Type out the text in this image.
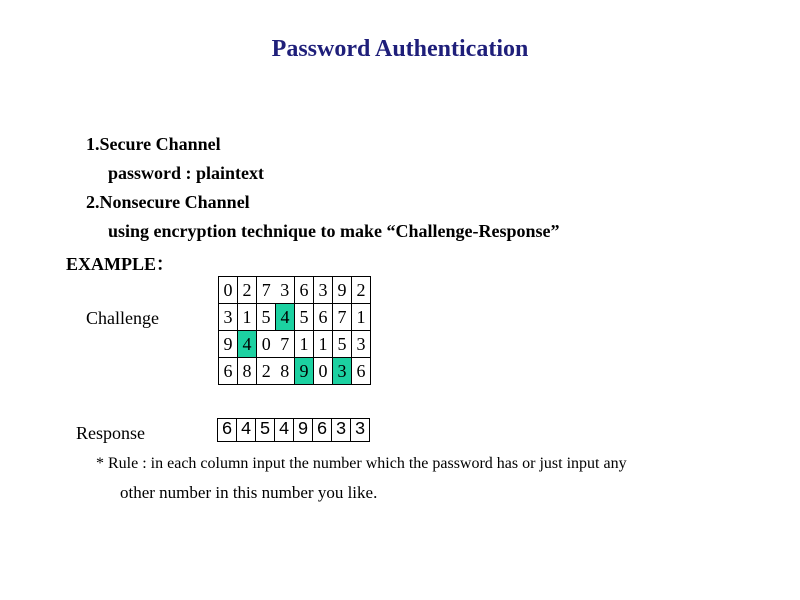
Password Authentication
1.Secure Channel
password : plaintext
2.Nonsecure Channel
using encryption technique to make “Challenge-Response”
EXAMPLE：
Challenge
0	2	7	3	6	3	9	2
3	1	5	4	5	6	7	1
9	4	0	7	1	1	5	3
6	8	2	8	9	0	3	6
Response	6	4	5	4	9	6	3	3
* Rule : in each column input the number which the password has or just input any
other number in this number you like.
